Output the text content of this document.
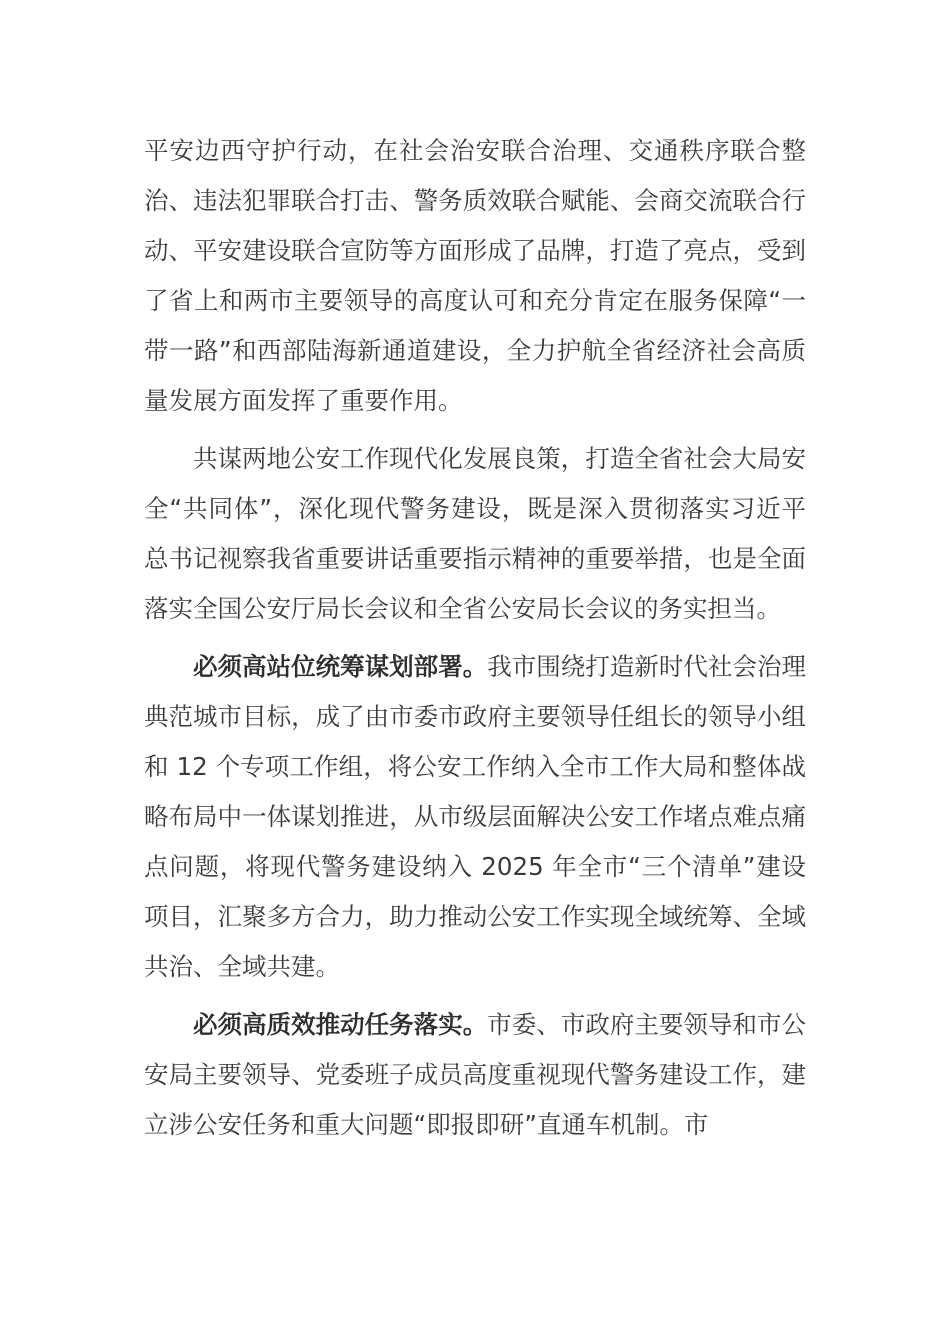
平安边西守护行动，在社会治安联合治理、交通秩序联合整治、违法犯罪联合打击、警务质效联合赋能、会商交流联合行动、平安建设联合宣防等方面形成了品牌，打造了亮点，受到了省上和两市主要领导的高度认可和充分肯定在服务保障“一带一路”和西部陆海新通道建设，全力护航全省经济社会高质量发展方面发挥了重要作用。

共谋两地公安工作现代化发展良策，打造全省社会大局安全“共同体”，深化现代警务建设，既是深入贯彻落实习近平总书记视察我省重要讲话重要指示精神的重要举措，也是全面落实全国公安厅局长会议和全省公安局长会议的务实担当。

必须高站位统筹谋划部署。我市围绕打造新时代社会治理典范城市目标，成了由市委市政府主要领导任组长的领导小组和 12 个专项工作组，将公安工作纳入全市工作大局和整体战略布局中一体谋划推进，从市级层面解决公安工作堵点难点痛点问题，将现代警务建设纳入 2025 年全市“三个清单”建设项目，汇聚多方合力，助力推动公安工作实现全域统筹、全域共治、全域共建。

必须高质效推动任务落实。市委、市政府主要领导和市公安局主要领导、党委班子成员高度重视现代警务建设工作，建立涉公安任务和重大问题“即报即研”直通车机制。市
